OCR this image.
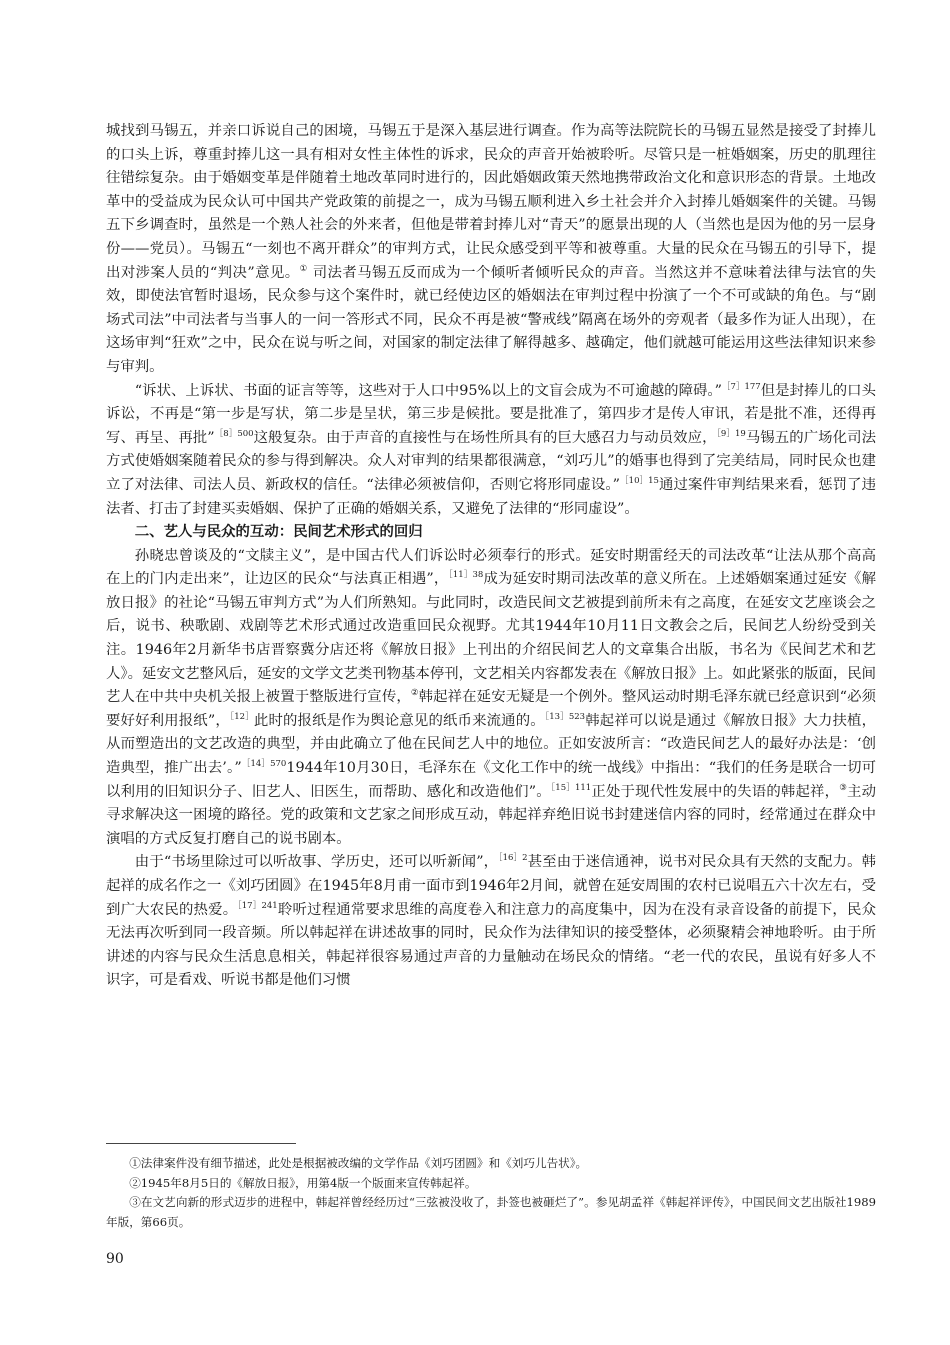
城找到马锡五，并亲口诉说自己的困境，马锡五于是深入基层进行调查。作为高等法院院长的马锡五显然是接受了封捧儿的口头上诉，尊重封捧儿这一具有相对女性主体性的诉求，民众的声音开始被聆听。尽管只是一桩婚姻案，历史的肌理往往错综复杂。由于婚姻变革是伴随着土地改革同时进行的，因此婚姻政策天然地携带政治文化和意识形态的背景。土地改革中的受益成为民众认可中国共产党政策的前提之一，成为马锡五顺利进入乡土社会并介入封捧儿婚姻案件的关键。马锡五下乡调查时，虽然是一个熟人社会的外来者，但他是带着封捧儿对“青天”的愿景出现的人（当然也是因为他的另一层身份——党员）。马锡五“一刻也不离开群众”的审判方式，让民众感受到平等和被尊重。大量的民众在马锡五的引导下，提出对涉案人员的“判决”意见。① 司法者马锡五反而成为一个倾听者倾听民众的声音。当然这并不意味着法律与法官的失效，即使法官暂时退场，民众参与这个案件时，就已经使边区的婚姻法在审判过程中扮演了一个不可或缺的角色。与“剧场式司法”中司法者与当事人的一问一答形式不同，民众不再是被“警戒线”隔离在场外的旁观者（最多作为证人出现），在这场审判“狂欢”之中，民众在说与听之间，对国家的制定法律了解得越多、越确定，他们就越可能运用这些法律知识来参与审判。

“诉状、上诉状、书面的证言等等，这些对于人口中95%以上的文盲会成为不可逾越的障碍。”$^{[7]177}$但是封捧儿的口头诉讼，不再是“第一步是写状，第二步是呈状，第三步是候批。要是批准了，第四步才是传人审讯，若是批不准，还得再写、再呈、再批”$^{[8]500}$这般复杂。由于声音的直接性与在场性所具有的巨大感召力与动员效应，$^{[9]19}$马锡五的广场化司法方式使婚姻案随着民众的参与得到解决。众人对审判的结果都很满意，“刘巧儿”的婚事也得到了完美结局，同时民众也建立了对法律、司法人员、新政权的信任。“法律必须被信仰，否则它将形同虚设。”$^{[10]15}$通过案件审判结果来看，惩罚了违法者、打击了封建买卖婚姻、保护了正确的婚姻关系，又避免了法律的“形同虚设”。

二、艺人与民众的互动：民间艺术形式的回归

孙晓忠曾谈及的“文牍主义”，是中国古代人们诉讼时必须奉行的形式。延安时期雷经天的司法改革“让法从那个高高在上的门内走出来”，让边区的民众“与法真正相遇”，$^{[11]38}$成为延安时期司法改革的意义所在。上述婚姻案通过延安《解放日报》的社论“马锡五审判方式”为人们所熟知。与此同时，改造民间文艺被提到前所未有之高度，在延安文艺座谈会之后，说书、秧歌剧、戏剧等艺术形式通过改造重回民众视野。尤其1944年10月11日文教会之后，民间艺人纷纷受到关注。1946年2月新华书店晋察冀分店还将《解放日报》上刊出的介绍民间艺人的文章集合出版，书名为《民间艺术和艺人》。延安文艺整风后，延安的文学文艺类刊物基本停刊，文艺相关内容都发表在《解放日报》上。如此紧张的版面，民间艺人在中共中央机关报上被置于整版进行宣传，②韩起祥在延安无疑是一个例外。整风运动时期毛泽东就已经意识到“必须要好好利用报纸”，$^{[12]}$此时的报纸是作为舆论意见的纸币来流通的。$^{[13]523}$韩起祥可以说是通过《解放日报》大力扶植，从而塑造出的文艺改造的典型，并由此确立了他在民间艺人中的地位。正如安波所言：“改造民间艺人的最好办法是：‘创造典型，推广出去’。”$^{[14]570}$1944年10月30日，毛泽东在《文化工作中的统一战线》中指出：“我们的任务是联合一切可以利用的旧知识分子、旧艺人、旧医生，而帮助、感化和改造他们”。$^{[15]111}$正处于现代性发展中的失语的韩起祥，③主动寻求解决这一困境的路径。党的政策和文艺家之间形成互动，韩起祥弃绝旧说书封建迷信内容的同时，经常通过在群众中演唱的方式反复打磨自己的说书剧本。

由于“书场里除过可以听故事、学历史，还可以听新闻”，$^{[16]2}$甚至由于迷信通神，说书对民众具有天然的支配力。韩起祥的成名作之一《刘巧团圆》在1945年8月甫一面市到1946年2月间，就曾在延安周围的农村已说唱五六十次左右，受到广大农民的热爱。$^{[17]241}$聆听过程通常要求思维的高度卷入和注意力的高度集中，因为在没有录音设备的前提下，民众无法再次听到同一段音频。所以韩起祥在讲述故事的同时，民众作为法律知识的接受整体，必须聚精会神地聆听。由于所讲述的内容与民众生活息息相关，韩起祥很容易通过声音的力量触动在场民众的情绪。“老一代的农民，虽说有好多人不识字，可是看戏、听说书都是他们习惯

①法律案件没有细节描述，此处是根据被改编的文学作品《刘巧团圆》和《刘巧儿告状》。

②1945年8月5日的《解放日报》，用第4版一个版面来宣传韩起祥。

③在文艺向新的形式迈步的进程中，韩起祥曾经经历过“三弦被没收了，卦签也被砸烂了”。参见胡孟祥《韩起祥评传》，中国民间文艺出版社1989年版，第66页。

90
